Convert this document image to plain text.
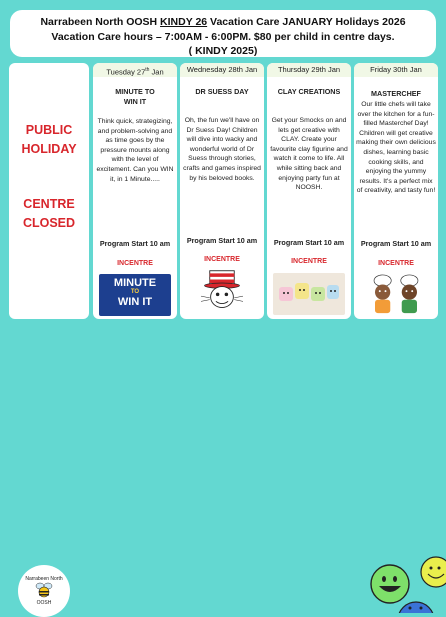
Narrabeen North OOSH KINDY 26 Vacation Care JANUARY Holidays 2026
Vacation Care hours – 7:00AM - 6:00PM. $80 per child in centre days.
( KINDY 2025)
PUBLIC
HOLIDAY
CENTRE
CLOSED
Tuesday 27th Jan
MINUTE TO
WIN IT
Think quick, strategizing, and problem-solving and as time goes by the pressure mounts along with the level of excitement. Can you WIN it, in 1 Minute.....
Program Start 10 am
INCENTRE
MINUTE
TO
WIN IT
Wednesday 28th Jan
DR SUESS DAY
Oh, the fun we'll have on Dr Suess Day! Children will dive into wacky and wonderful world of Dr Suess through stories, crafts and games inspired by his beloved books.
Program Start 10 am
INCENTRE
Thursday 29th Jan
CLAY CREATIONS
Get your Smocks on and lets get creative with CLAY. Create your favourite clay figurine and watch it come to life. All while sitting back and enjoying party fun at NOOSH.
Program Start 10 am
INCENTRE
Friday 30th Jan
MASTERCHEF
Our little chefs will take over the kitchen for a fun-filled Masterchef Day! Children will get creative making their own delicious dishes, learning basic cooking skills, and enjoying the yummy results. It's a perfect mix of creativity, and tasty fun!
Program Start 10 am
INCENTRE
Narrabeen North
OOSH
